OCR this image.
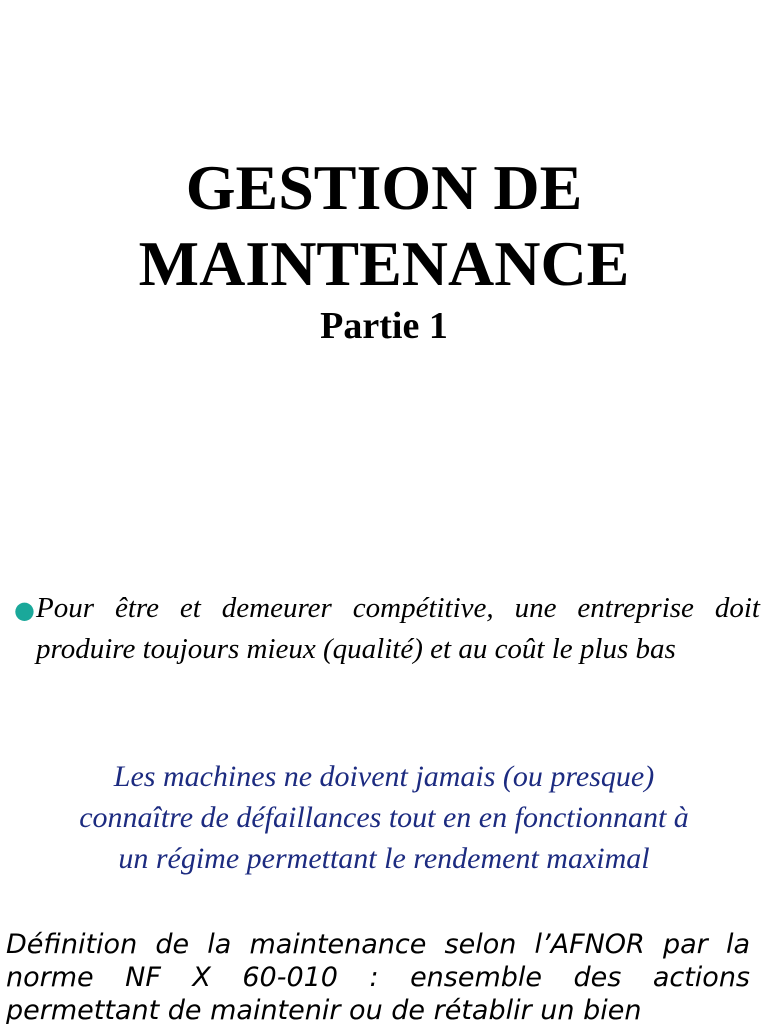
GESTION DE
MAINTENANCE
Partie 1
● Pour être et demeurer compétitive, une entreprise doit produire toujours mieux (qualité) et au coût le plus bas
Les machines ne doivent jamais (ou presque)
connaître de défaillances tout en en fonctionnant à
un régime permettant le rendement maximal
Définition de la maintenance selon l’AFNOR par la norme NF X 60-010 : ensemble des actions permettant de maintenir ou de rétablir un bien
